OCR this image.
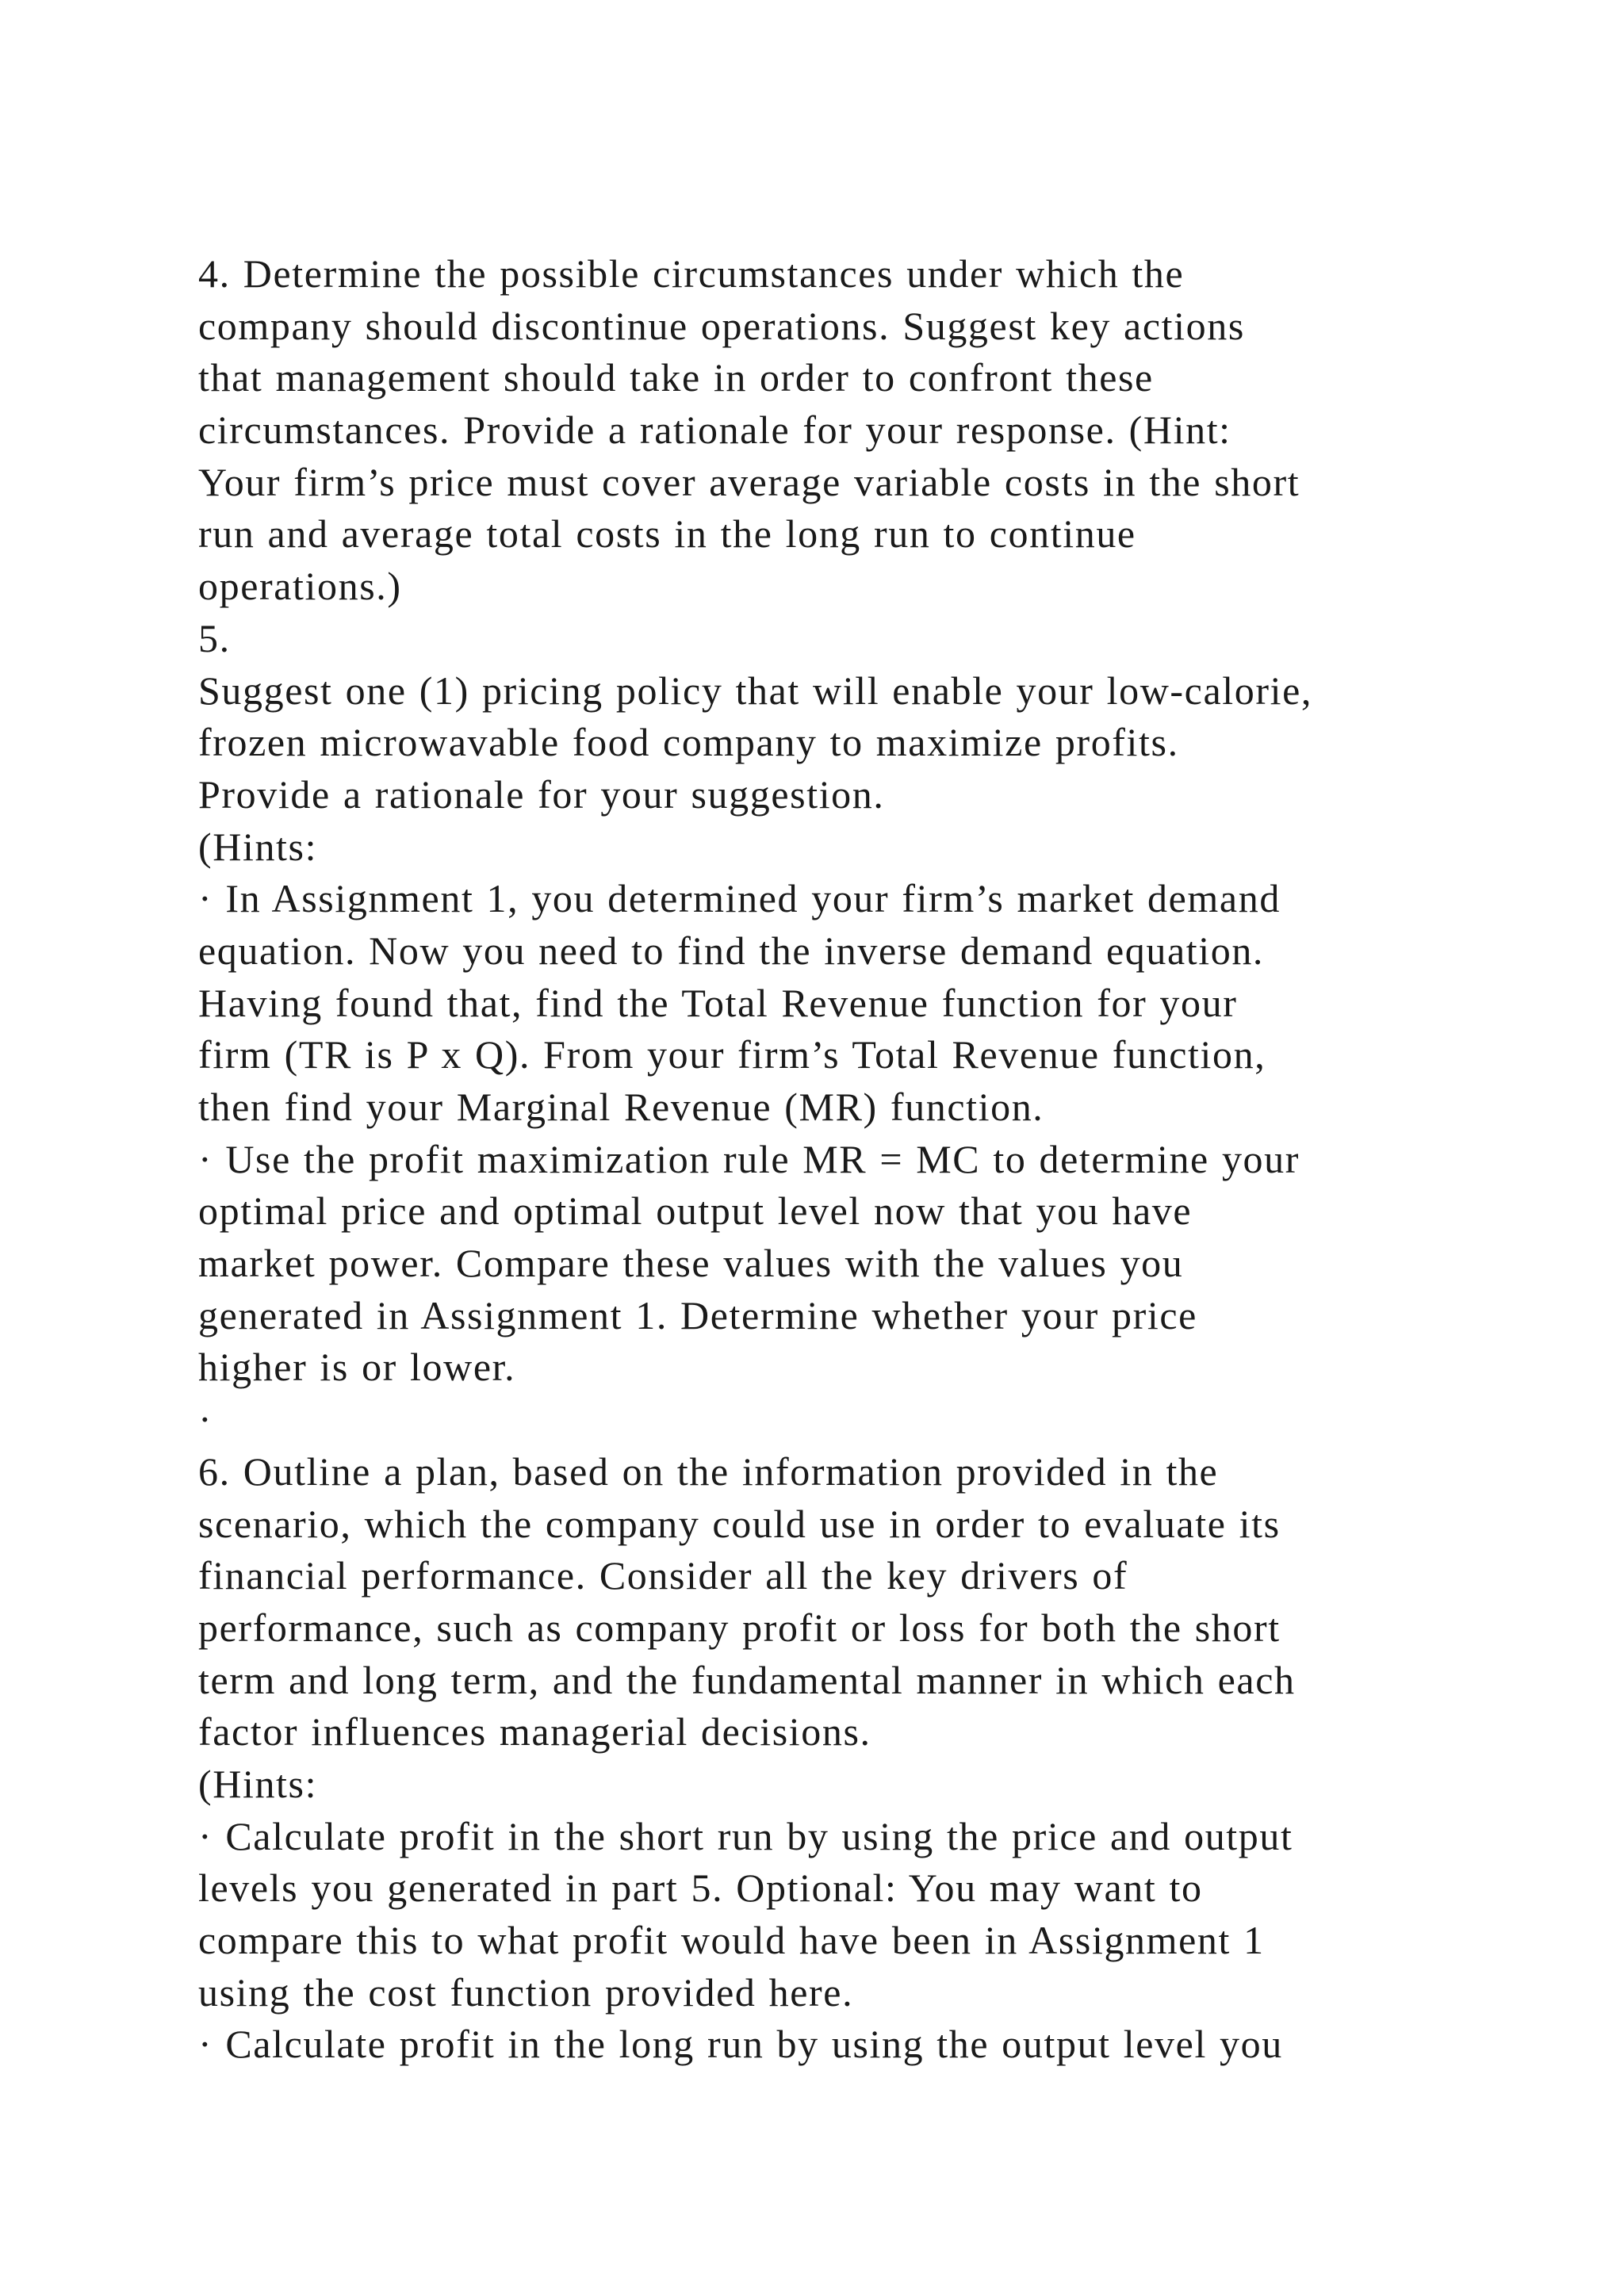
4. Determine the possible circumstances under which the
company should discontinue operations. Suggest key actions
that management should take in order to confront these
circumstances. Provide a rationale for your response. (Hint:
Your firm’s price must cover average variable costs in the short
run and average total costs in the long run to continue
operations.)
5.
Suggest one (1) pricing policy that will enable your low-calorie,
frozen microwavable food company to maximize profits.
Provide a rationale for your suggestion.
(Hints:
· In Assignment 1, you determined your firm’s market demand
equation. Now you need to find the inverse demand equation.
Having found that, find the Total Revenue function for your
firm (TR is P x Q). From your firm’s Total Revenue function,
then find your Marginal Revenue (MR) function.
· Use the profit maximization rule MR = MC to determine your
optimal price and optimal output level now that you have
market power. Compare these values with the values you
generated in Assignment 1. Determine whether your price
higher is or lower.
·
6. Outline a plan, based on the information provided in the
scenario, which the company could use in order to evaluate its
financial performance. Consider all the key drivers of
performance, such as company profit or loss for both the short
term and long term, and the fundamental manner in which each
factor influences managerial decisions.
(Hints:
· Calculate profit in the short run by using the price and output
levels you generated in part 5. Optional: You may want to
compare this to what profit would have been in Assignment 1
using the cost function provided here.
· Calculate profit in the long run by using the output level you
